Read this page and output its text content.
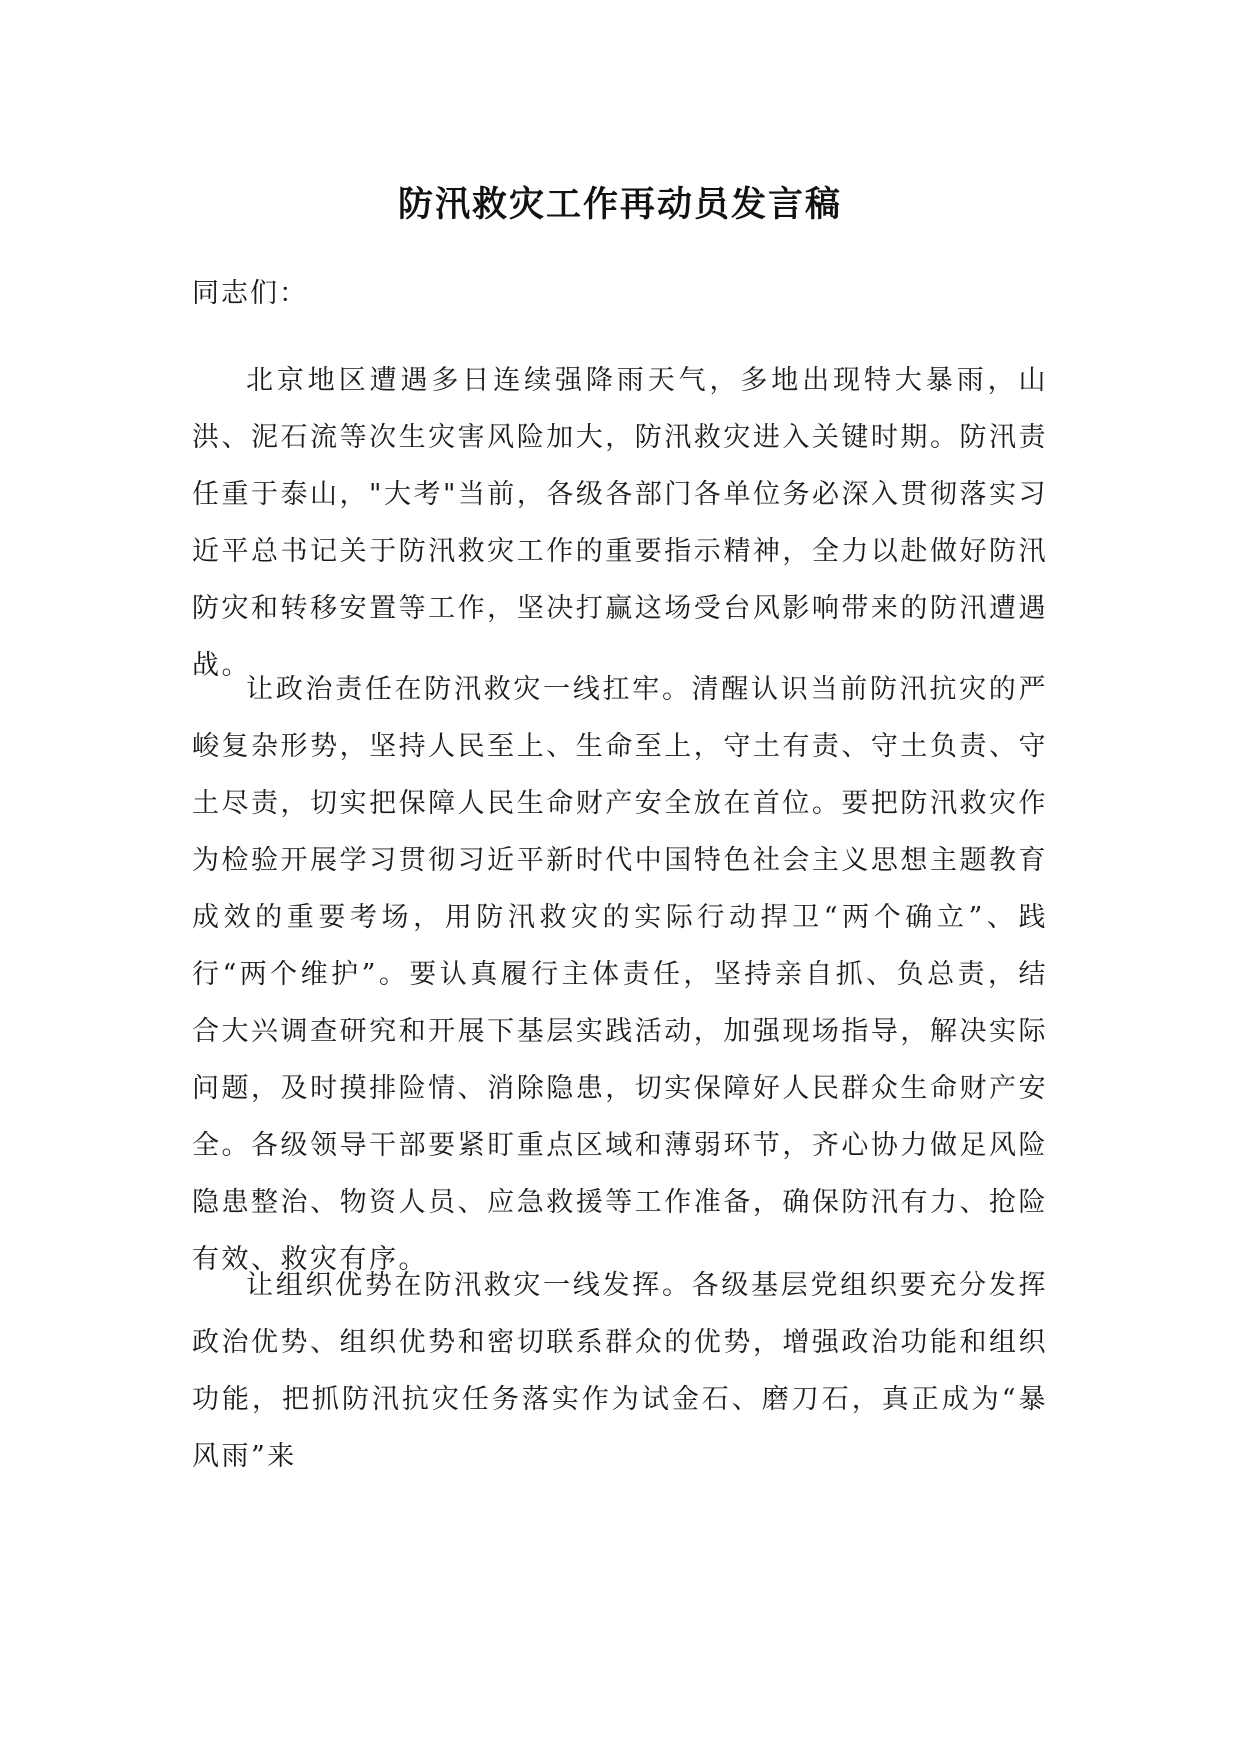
防汛救灾工作再动员发言稿
同志们：

北京地区遭遇多日连续强降雨天气，多地出现特大暴雨，山洪、泥石流等次生灾害风险加大，防汛救灾进入关键时期。防汛责任重于泰山，"大考"当前，各级各部门各单位务必深入贯彻落实习近平总书记关于防汛救灾工作的重要指示精神，全力以赴做好防汛防灾和转移安置等工作，坚决打赢这场受台风影响带来的防汛遭遇战。

让政治责任在防汛救灾一线扛牢。清醒认识当前防汛抗灾的严峻复杂形势，坚持人民至上、生命至上，守土有责、守土负责、守土尽责，切实把保障人民生命财产安全放在首位。要把防汛救灾作为检验开展学习贯彻习近平新时代中国特色社会主义思想主题教育成效的重要考场，用防汛救灾的实际行动捍卫“两个确立”、践行“两个维护”。要认真履行主体责任，坚持亲自抓、负总责，结合大兴调查研究和开展下基层实践活动，加强现场指导，解决实际问题，及时摸排险情、消除隐患，切实保障好人民群众生命财产安全。各级领导干部要紧盯重点区域和薄弱环节，齐心协力做足风险隐患整治、物资人员、应急救援等工作准备，确保防汛有力、抢险有效、救灾有序。

让组织优势在防汛救灾一线发挥。各级基层党组织要充分发挥政治优势、组织优势和密切联系群众的优势，增强政治功能和组织功能，把抓防汛抗灾任务落实作为试金石、磨刀石，真正成为“暴风雨”来
